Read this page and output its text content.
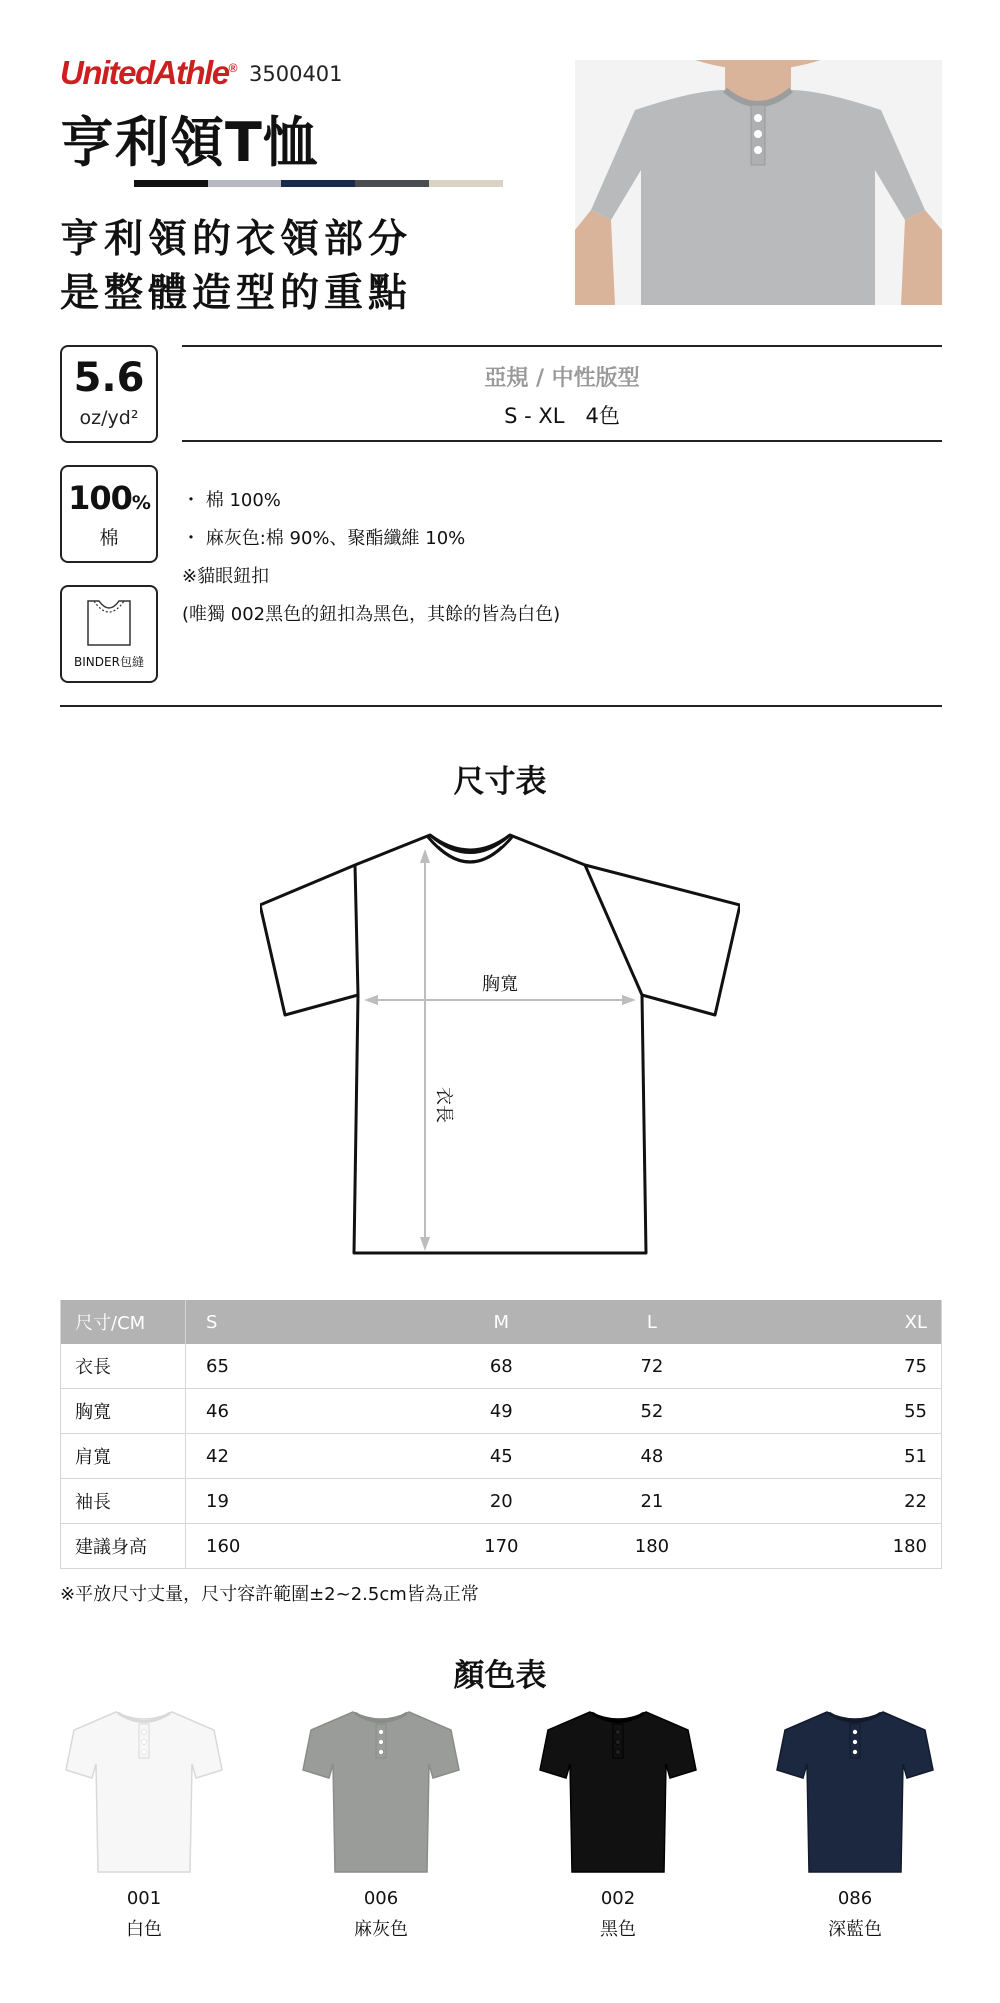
UnitedAthle® 3500401
亨利領T恤
亨利領的衣領部分
是整體造型的重點
5.6
oz/yd²
100%
棉
BINDER包縫
亞規 / 中性版型
S - XL　4色
・ 棉 100%
・ 麻灰色:棉 90%、聚酯纖維 10%
※貓眼鈕扣
(唯獨 002黑色的鈕扣為黑色，其餘的皆為白色)
尺寸表
胸寬
衣長
尺寸/CM	S	M	L	XL
衣長	65	68	72	75
胸寬	46	49	52	55
肩寬	42	45	48	51
袖長	19	20	21	22
建議身高	160	170	180	180
※平放尺寸丈量，尺寸容許範圍±2~2.5cm皆為正常
顏色表
001
白色
006
麻灰色
002
黑色
086
深藍色
